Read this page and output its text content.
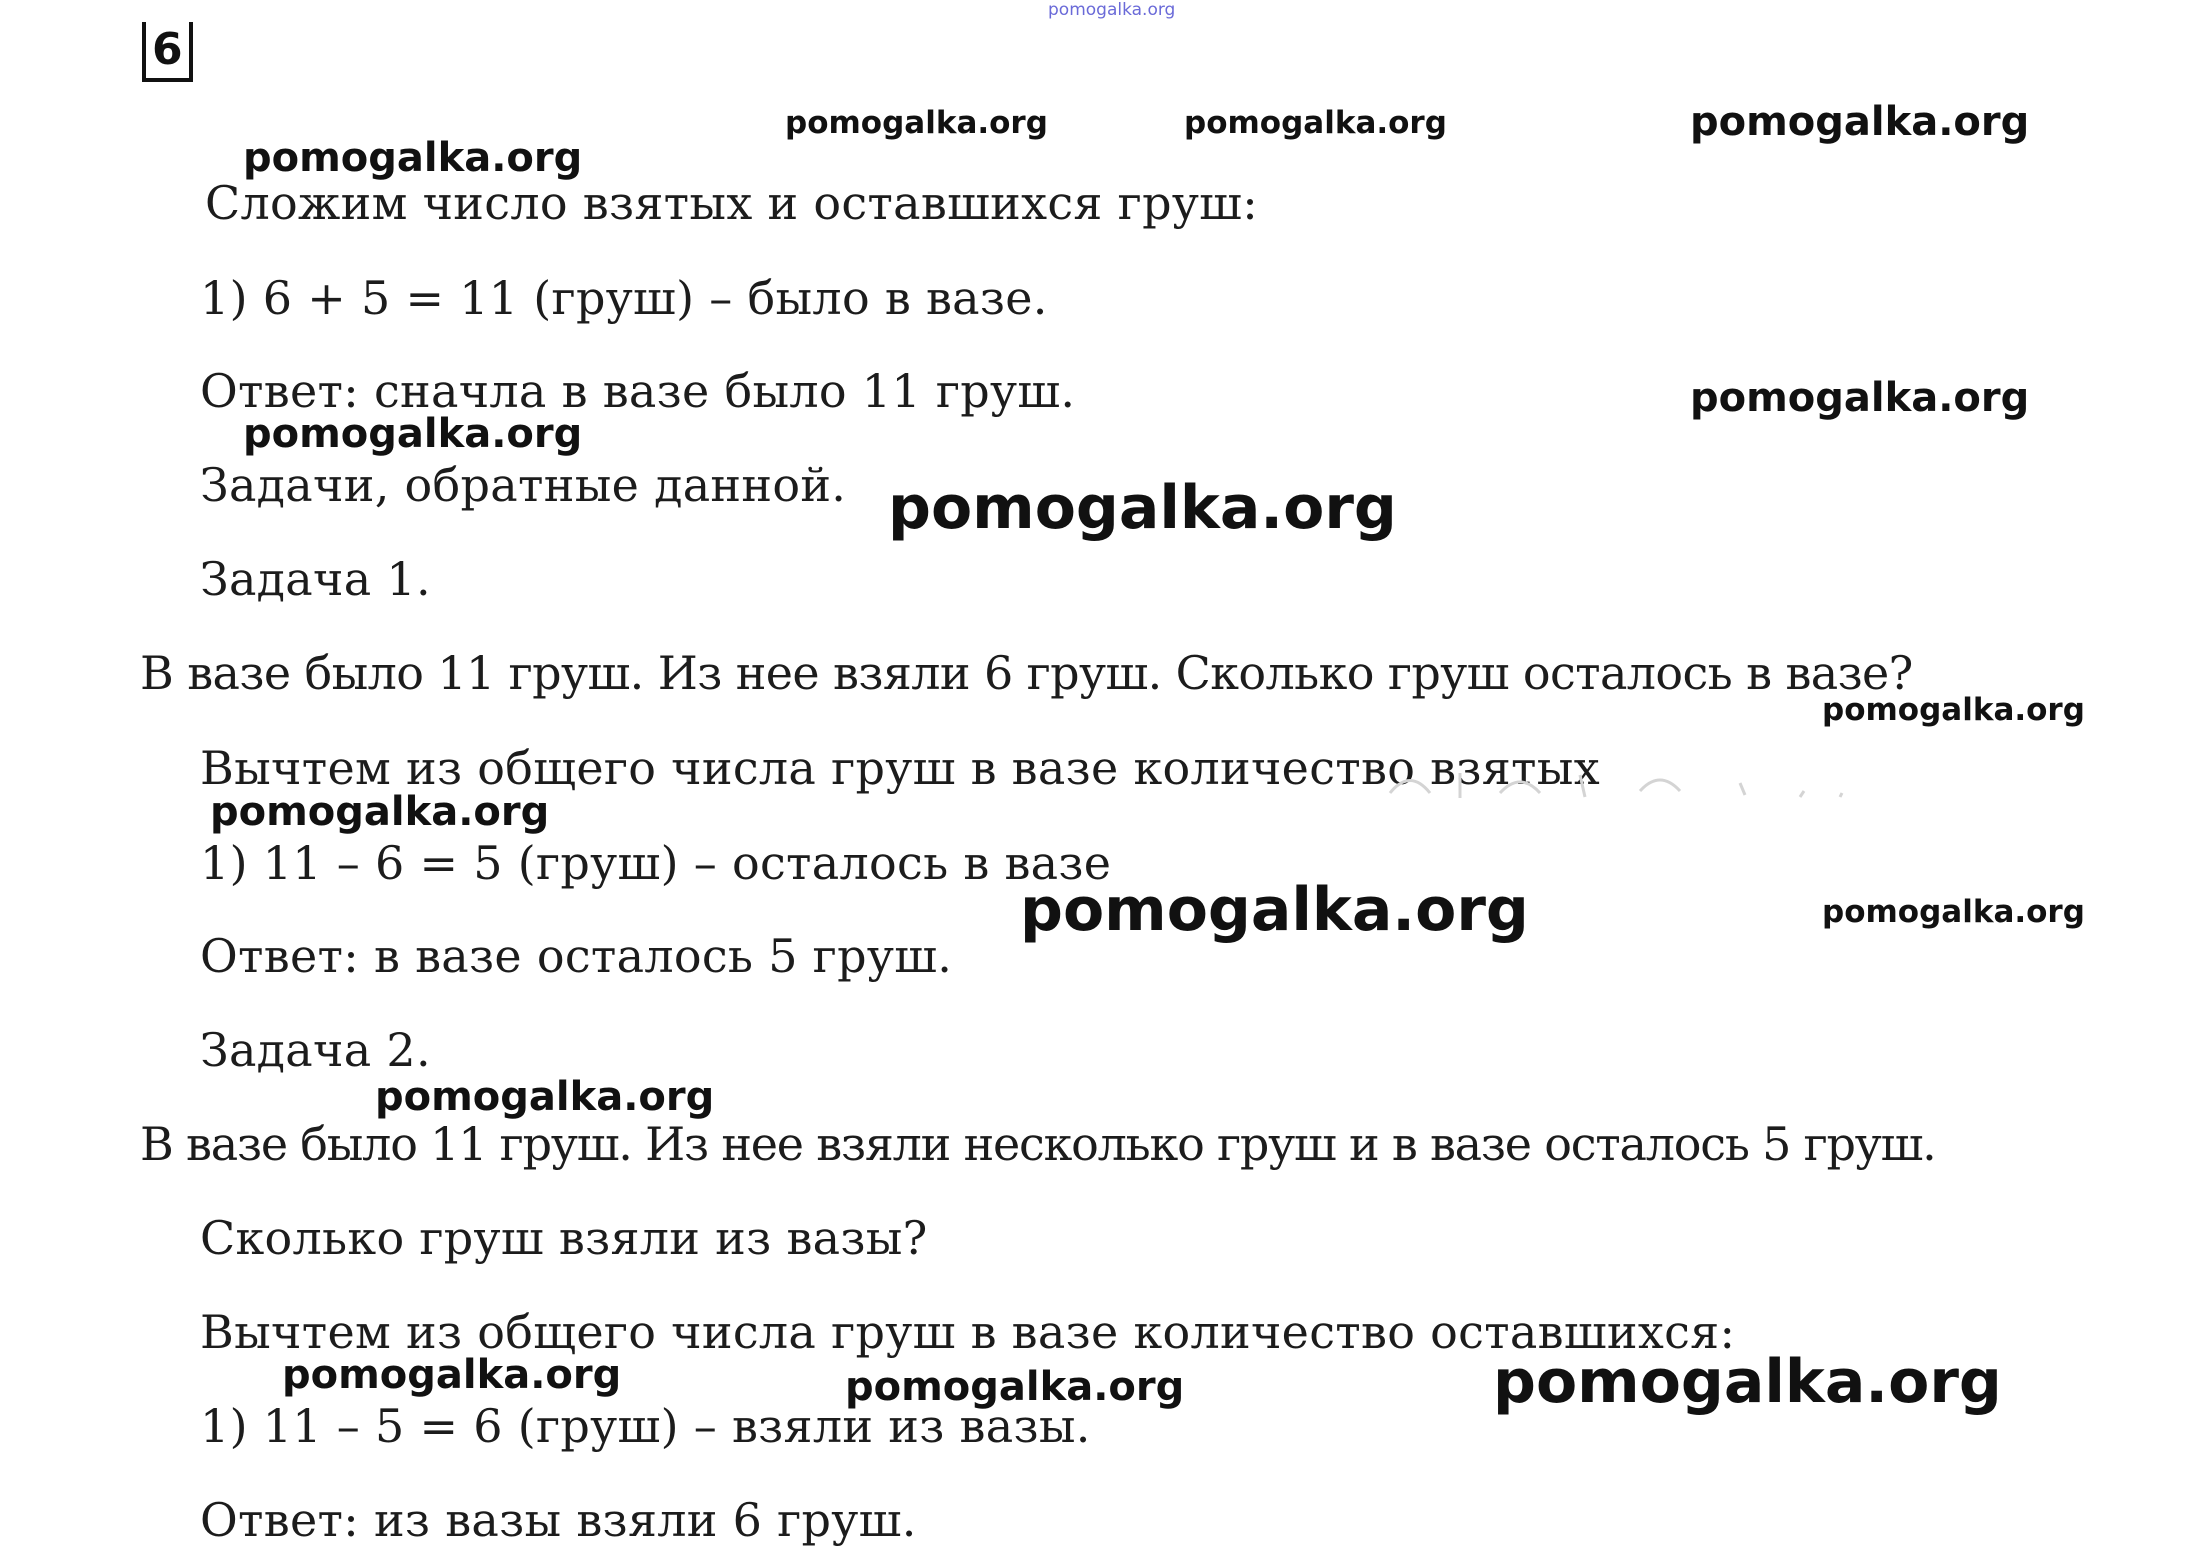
6
Сложим число взятых и оставшихся груш:
1) 6 + 5 = 11 (груш) – было в вазе.
Ответ: сначла в вазе было 11 груш.
Задачи, обратные данной.
Задача 1.
В вазе было 11 груш. Из нее взяли 6 груш. Сколько груш осталось в вазе?
Вычтем из общего числа груш в вазе количество взятых
1) 11 – 6 = 5 (груш) – осталось в вазе
Ответ: в вазе осталось 5 груш.
Задача 2.
В вазе было 11 груш. Из нее взяли несколько груш и в вазе осталось 5 груш.
Сколько груш взяли из вазы?
Вычтем из общего числа груш в вазе количество оставшихся:
1) 11 – 5 = 6 (груш) – взяли из вазы.
Ответ: из вазы взяли 6 груш.
pomogalka.org
pomogalka.org	pomogalka.org	pomogalka.org
pomogalka.org
pomogalka.org
pomogalka.org
pomogalka.org
pomogalka.org
pomogalka.org
pomogalka.org	pomogalka.org
pomogalka.org
pomogalka.org	pomogalka.org	pomogalka.org
